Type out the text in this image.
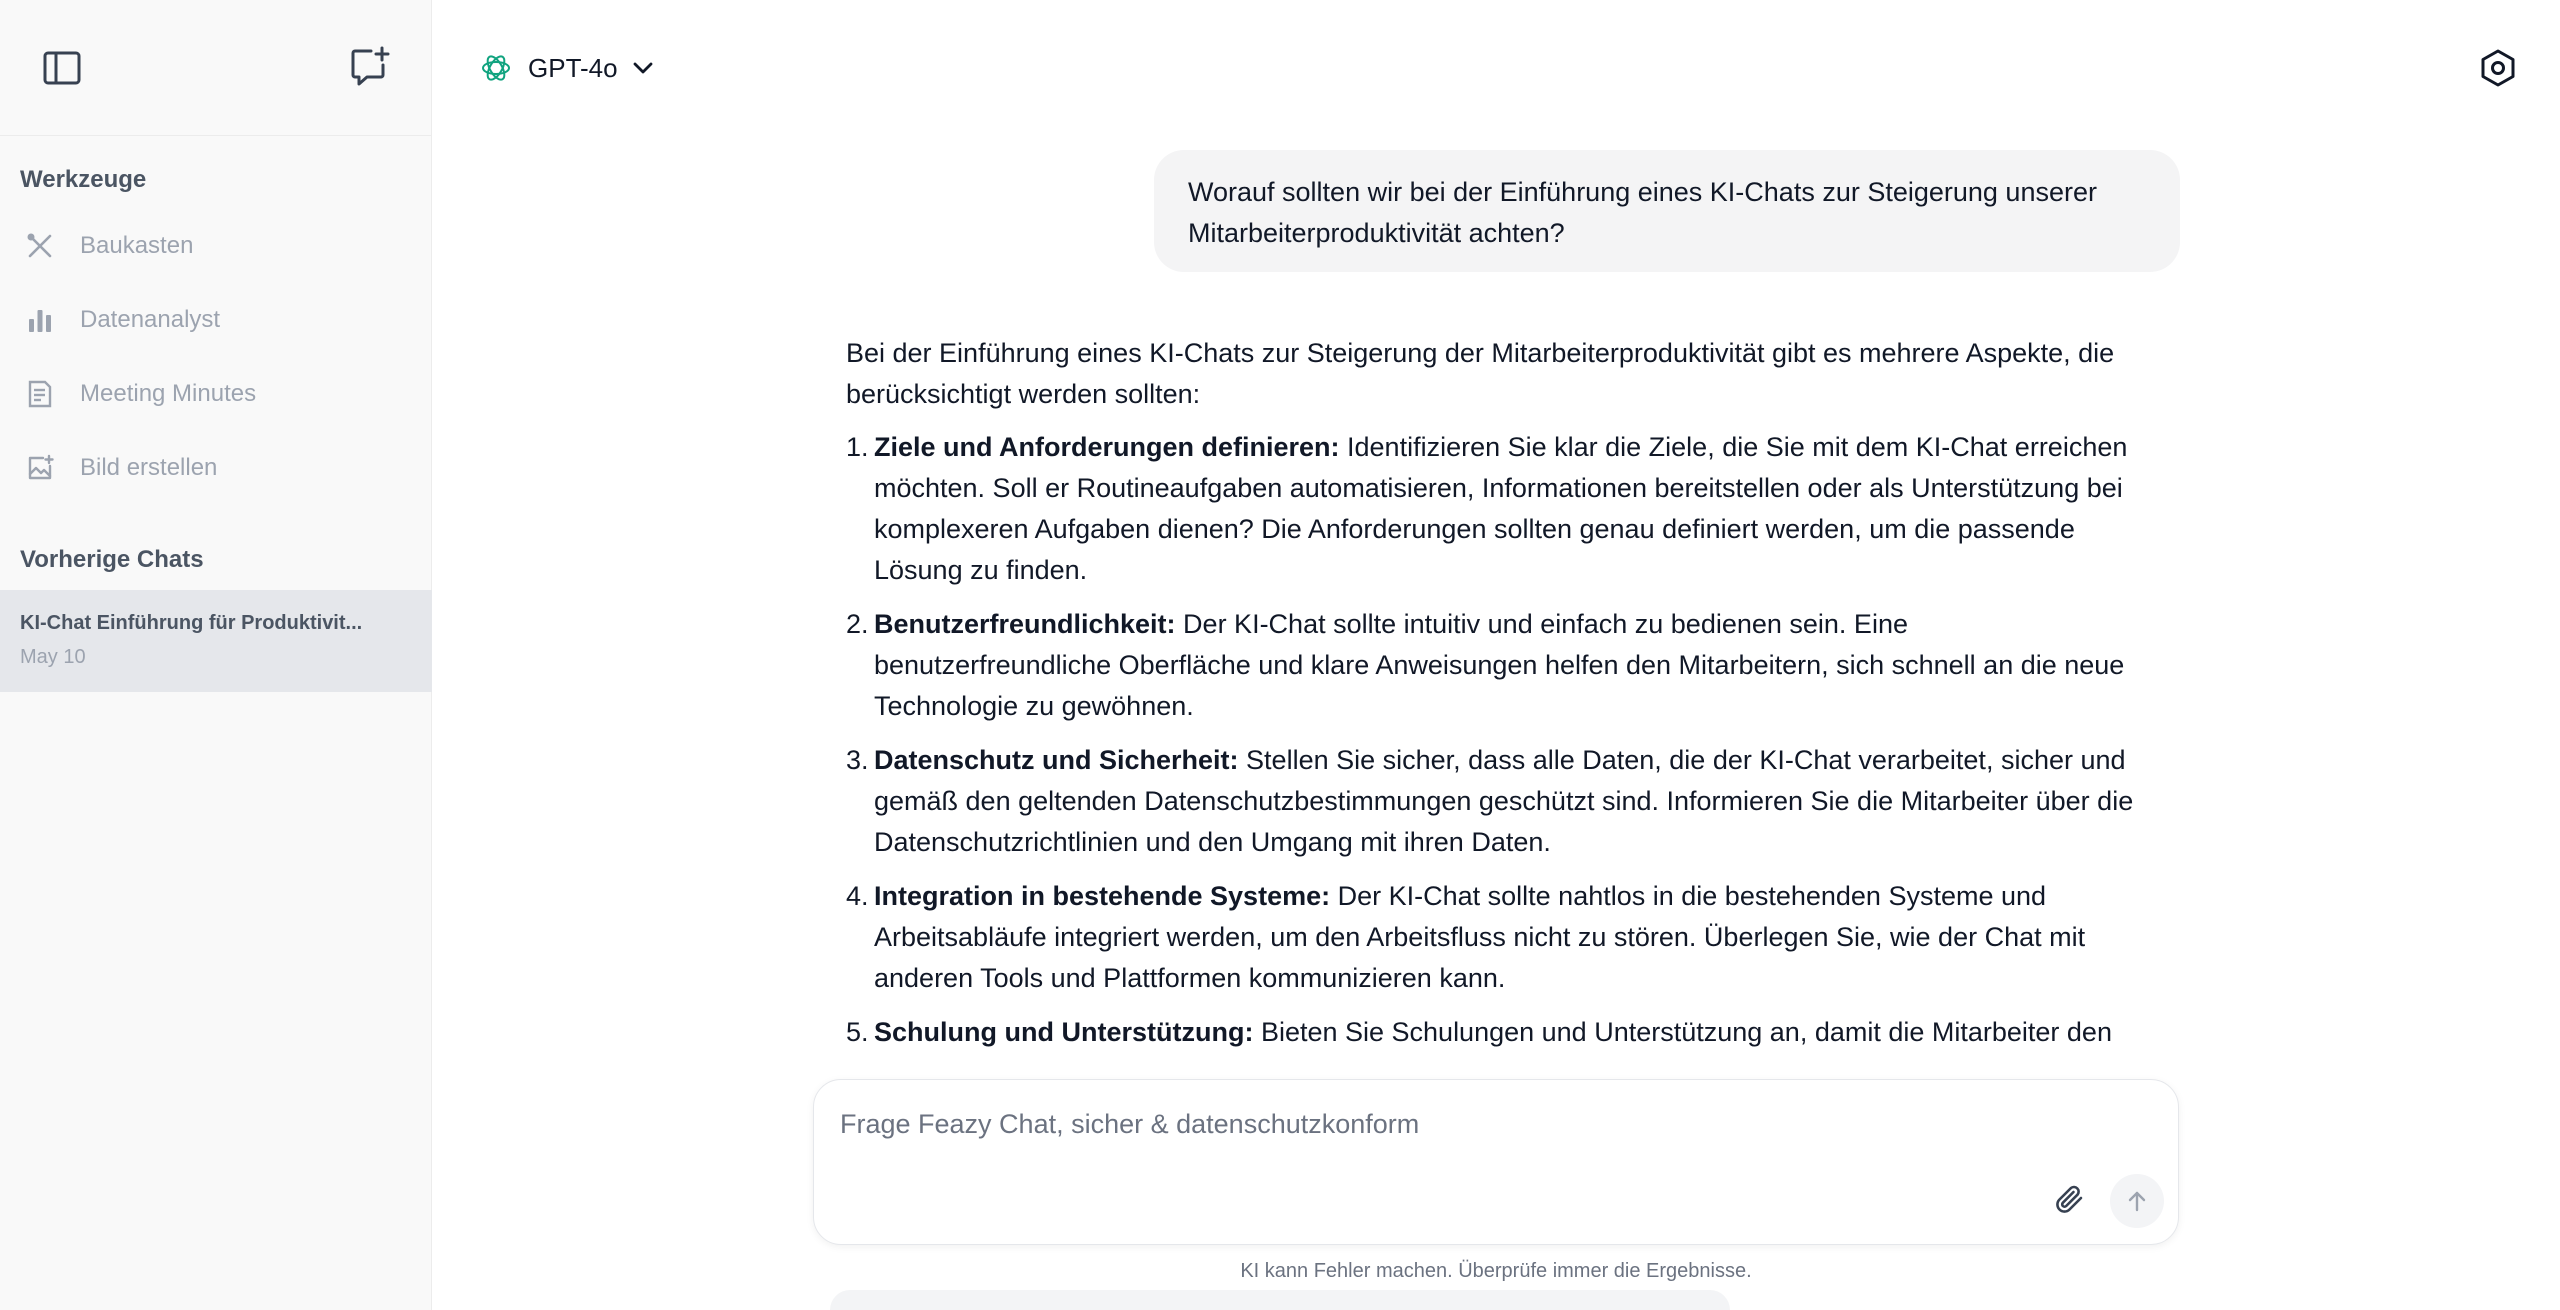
Werkzeuge
Baukasten
Datenanalyst
Meeting Minutes
Bild erstellen
Vorherige Chats
KI-Chat Einführung für Produktivit...
May 10
GPT-4o
Worauf sollten wir bei der Einführung eines KI-Chats zur Steigerung unserer Mitarbeiterproduktivität achten?

Bei der Einführung eines KI-Chats zur Steigerung der Mitarbeiterproduktivität gibt es mehrere Aspekte, die berücksichtigt werden sollten:

1. Ziele und Anforderungen definieren: Identifizieren Sie klar die Ziele, die Sie mit dem KI-Chat erreichen möchten. Soll er Routineaufgaben automatisieren, Informationen bereitstellen oder als Unterstützung bei komplexeren Aufgaben dienen? Die Anforderungen sollten genau definiert werden, um die passende Lösung zu finden.
2. Benutzerfreundlichkeit: Der KI-Chat sollte intuitiv und einfach zu bedienen sein. Eine benutzerfreundliche Oberfläche und klare Anweisungen helfen den Mitarbeitern, sich schnell an die neue Technologie zu gewöhnen.
3. Datenschutz und Sicherheit: Stellen Sie sicher, dass alle Daten, die der KI-Chat verarbeitet, sicher und gemäß den geltenden Datenschutzbestimmungen geschützt sind. Informieren Sie die Mitarbeiter über die Datenschutzrichtlinien und den Umgang mit ihren Daten.
4. Integration in bestehende Systeme: Der KI-Chat sollte nahtlos in die bestehenden Systeme und Arbeitsabläufe integriert werden, um den Arbeitsfluss nicht zu stören. Überlegen Sie, wie der Chat mit anderen Tools und Plattformen kommunizieren kann.
5. Schulung und Unterstützung: Bieten Sie Schulungen und Unterstützung an, damit die Mitarbeiter den
Frage Feazy Chat, sicher & datenschutzkonform
KI kann Fehler machen. Überprüfe immer die Ergebnisse.
